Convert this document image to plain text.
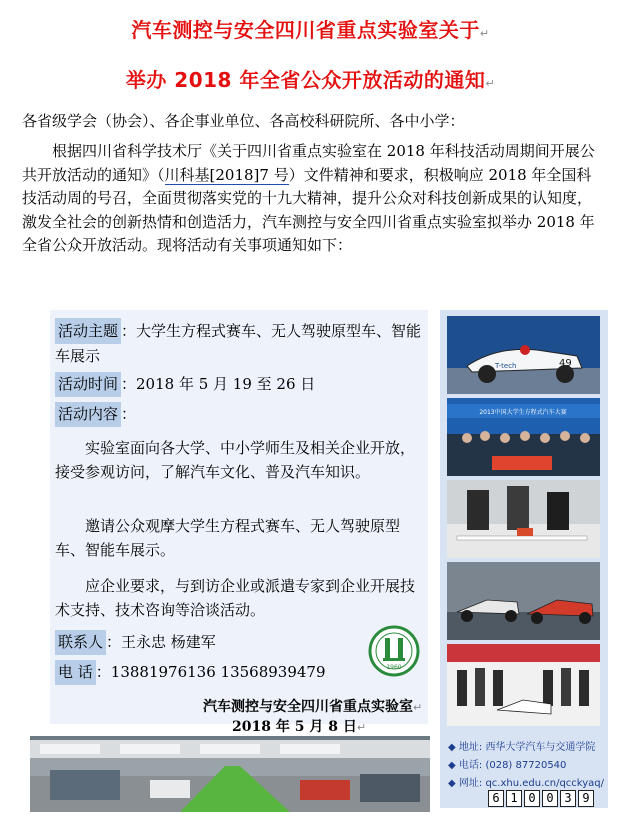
汽车测控与安全四川省重点实验室关于↵
举办 2018 年全省公众开放活动的通知↵
各省级学会（协会）、各企事业单位、各高校科研院所、各中小学：
根据四川省科学技术厅《关于四川省重点实验室在 2018 年科技活动周期间开展公共开放活动的通知》（川科基[2018]7 号）文件精神和要求，积极响应 2018 年全国科技活动周的号召，全面贯彻落实党的十九大精神，提升公众对科技创新成果的认知度，激发全社会的创新热情和创造活力，汽车测控与安全四川省重点实验室拟举办 2018 年全省公众开放活动。现将活动有关事项通知如下：
活动主题 ：大学生方程式赛车、无人驾驶原型车、智能车展示
活动时间 ：2018 年 5 月 19 至 26 日
活动内容 ：
实验室面向各大学、中小学师生及相关企业开放，接受参观访问，了解汽车文化、普及汽车知识。
邀请公众观摩大学生方程式赛车、无人驾驶原型车、智能车展示。
应企业要求，与到访企业或派遣专家到企业开展技术支持、技术咨询等洽谈活动。
联系人 ：王永忠 杨建军
电 话 ：13881976136 13568939479	1960
汽车测控与安全四川省重点实验室↵
2018 年 5 月 8 日↵
49
T-tech
2013中国大学生方程式汽车大赛
◆ 地址: 西华大学汽车与交通学院
◆ 电话: (028) 87720540
◆ 网址: qc.xhu.edu.cn/qcckyaq/
6 1 0 0 3 9
